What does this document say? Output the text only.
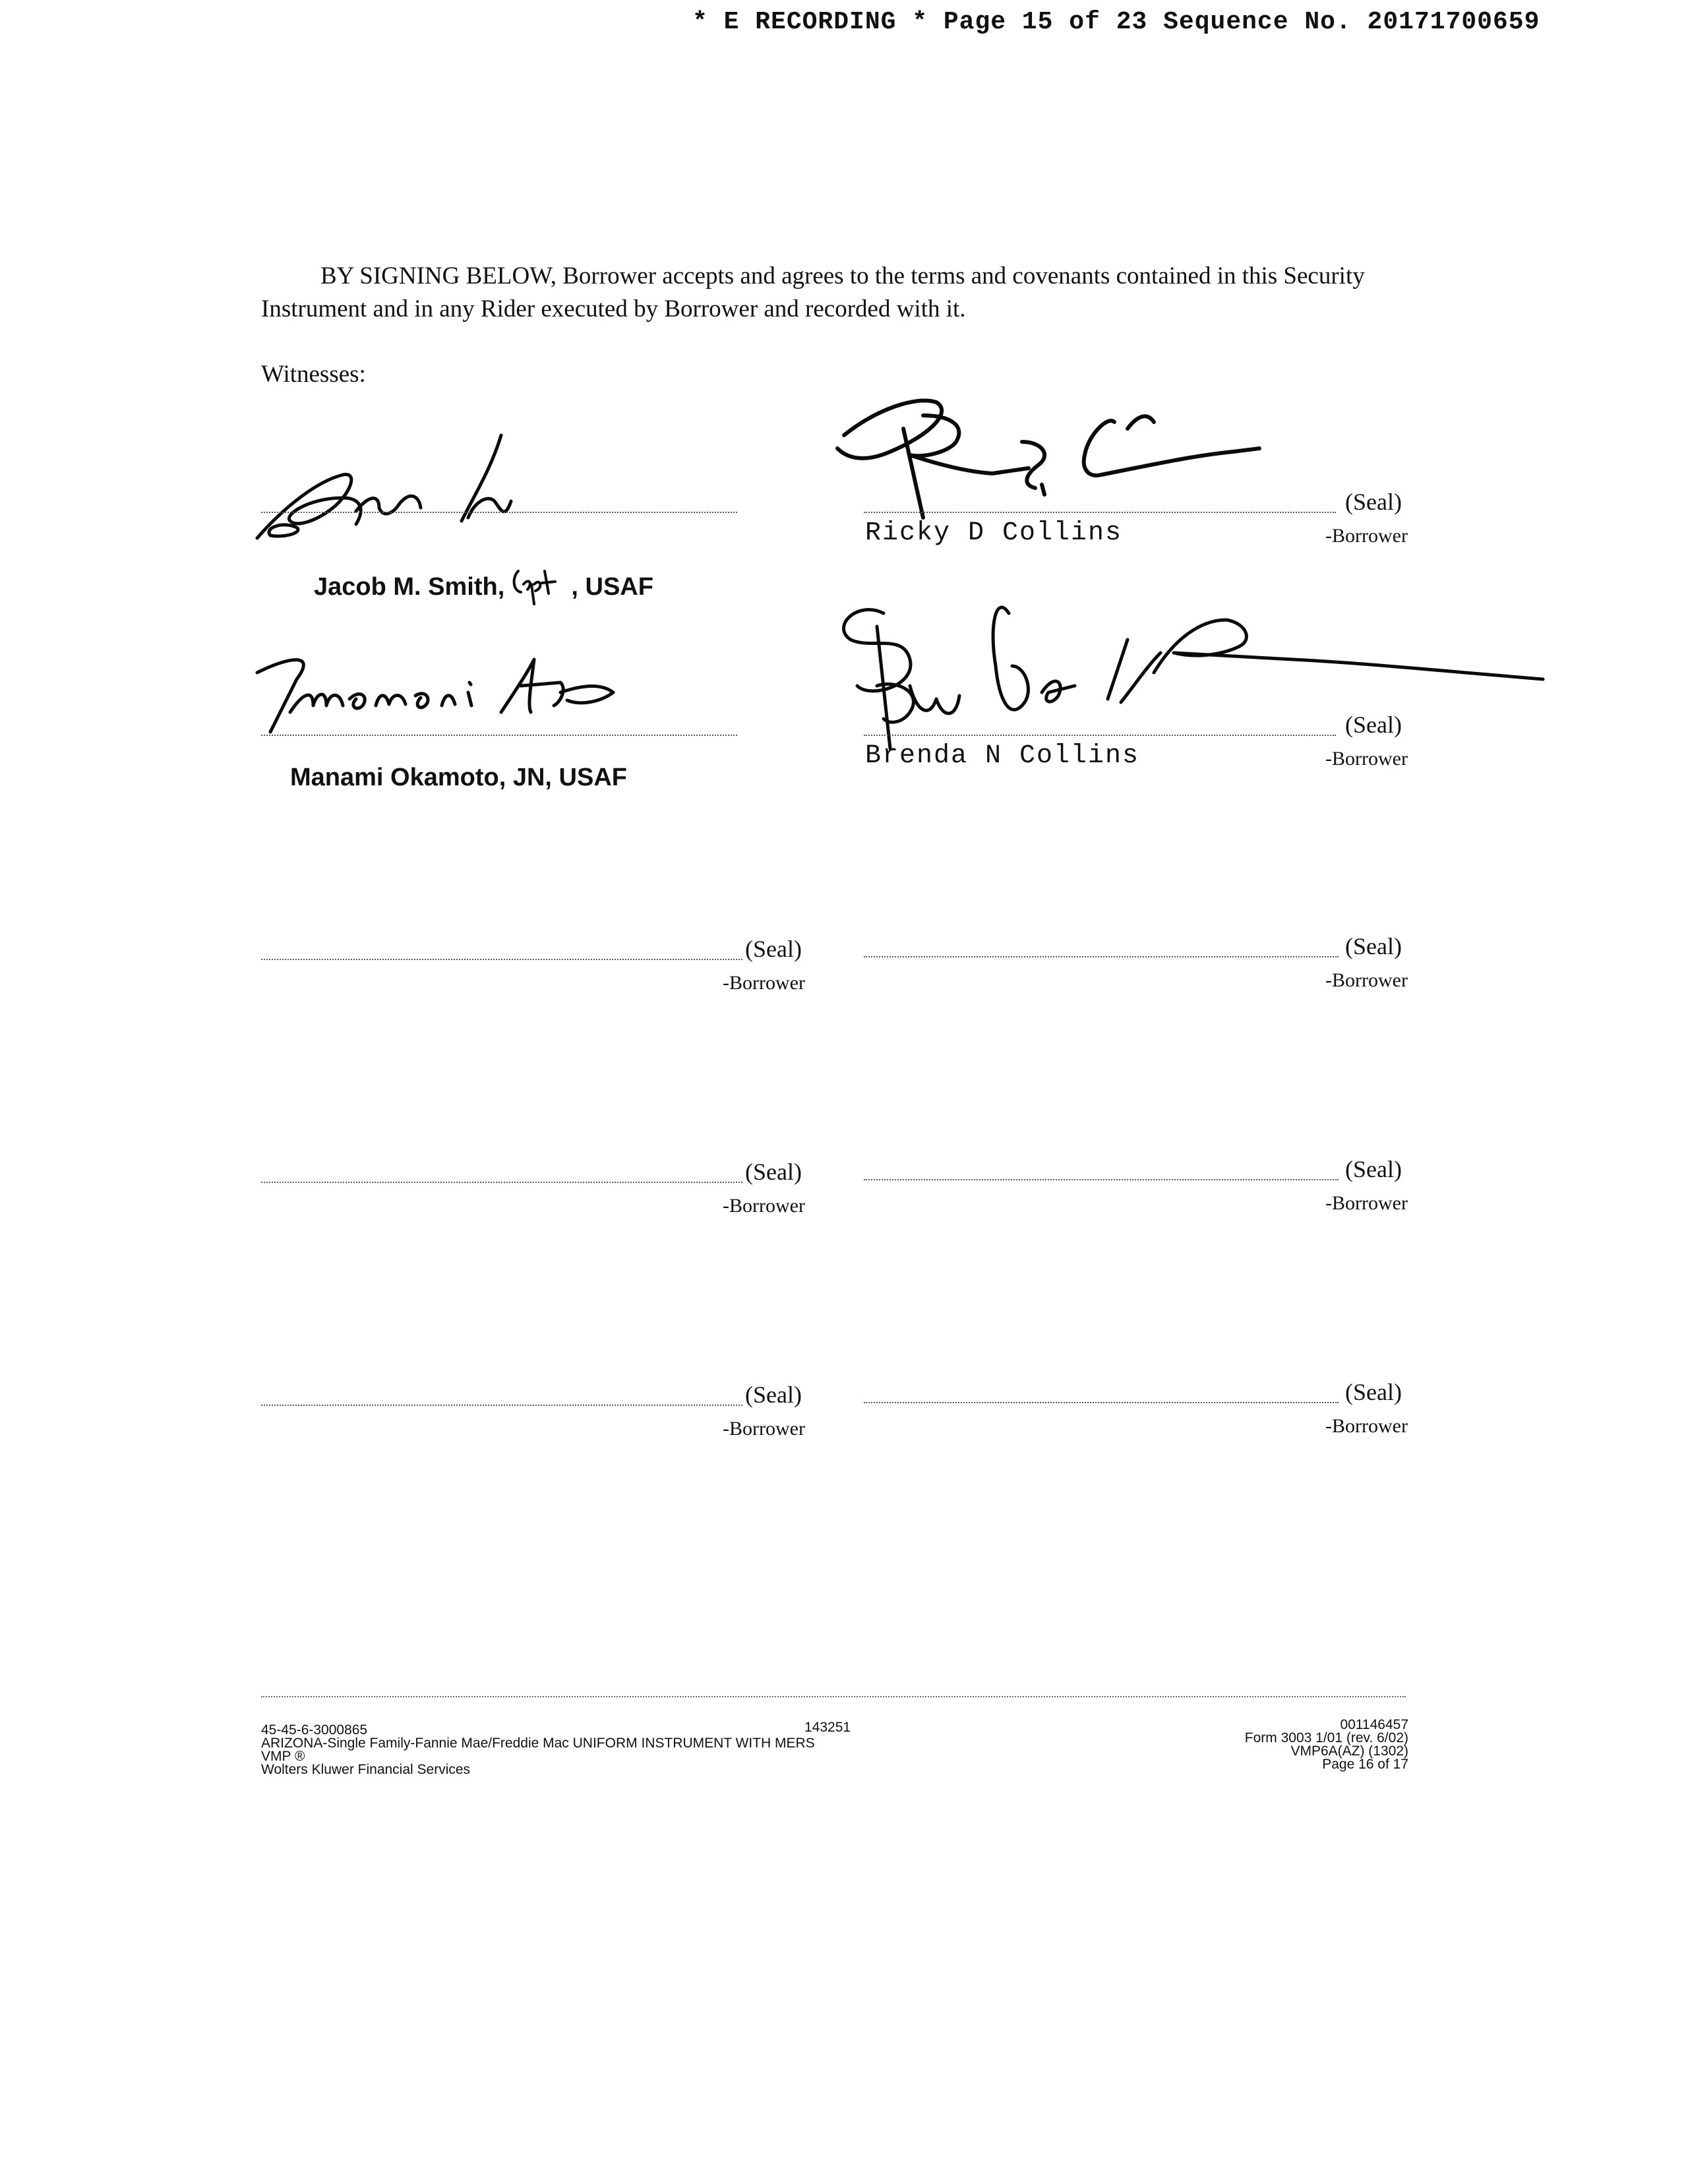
* E RECORDING * Page 15 of 23 Sequence No. 20171700659
BY SIGNING BELOW, Borrower accepts and agrees to the terms and covenants contained in this Security Instrument and in any Rider executed by Borrower and recorded with it.
Witnesses:
Jacob M. Smith,	, USAF
Manami Okamoto, JN, USAF
Ricky D Collins
(Seal)
-Borrower
Brenda N Collins
(Seal)
-Borrower
(Seal)
-Borrower
(Seal)
-Borrower
(Seal)
-Borrower
(Seal)
-Borrower
(Seal)
-Borrower
(Seal)
-Borrower
45-45-6-3000865	143251
ARIZONA-Single Family-Fannie Mae/Freddie Mac UNIFORM INSTRUMENT WITH MERS
VMP ®
Wolters Kluwer Financial Services
001146457
Form 3003 1/01 (rev. 6/02)
VMP6A(AZ) (1302)
Page 16 of 17
